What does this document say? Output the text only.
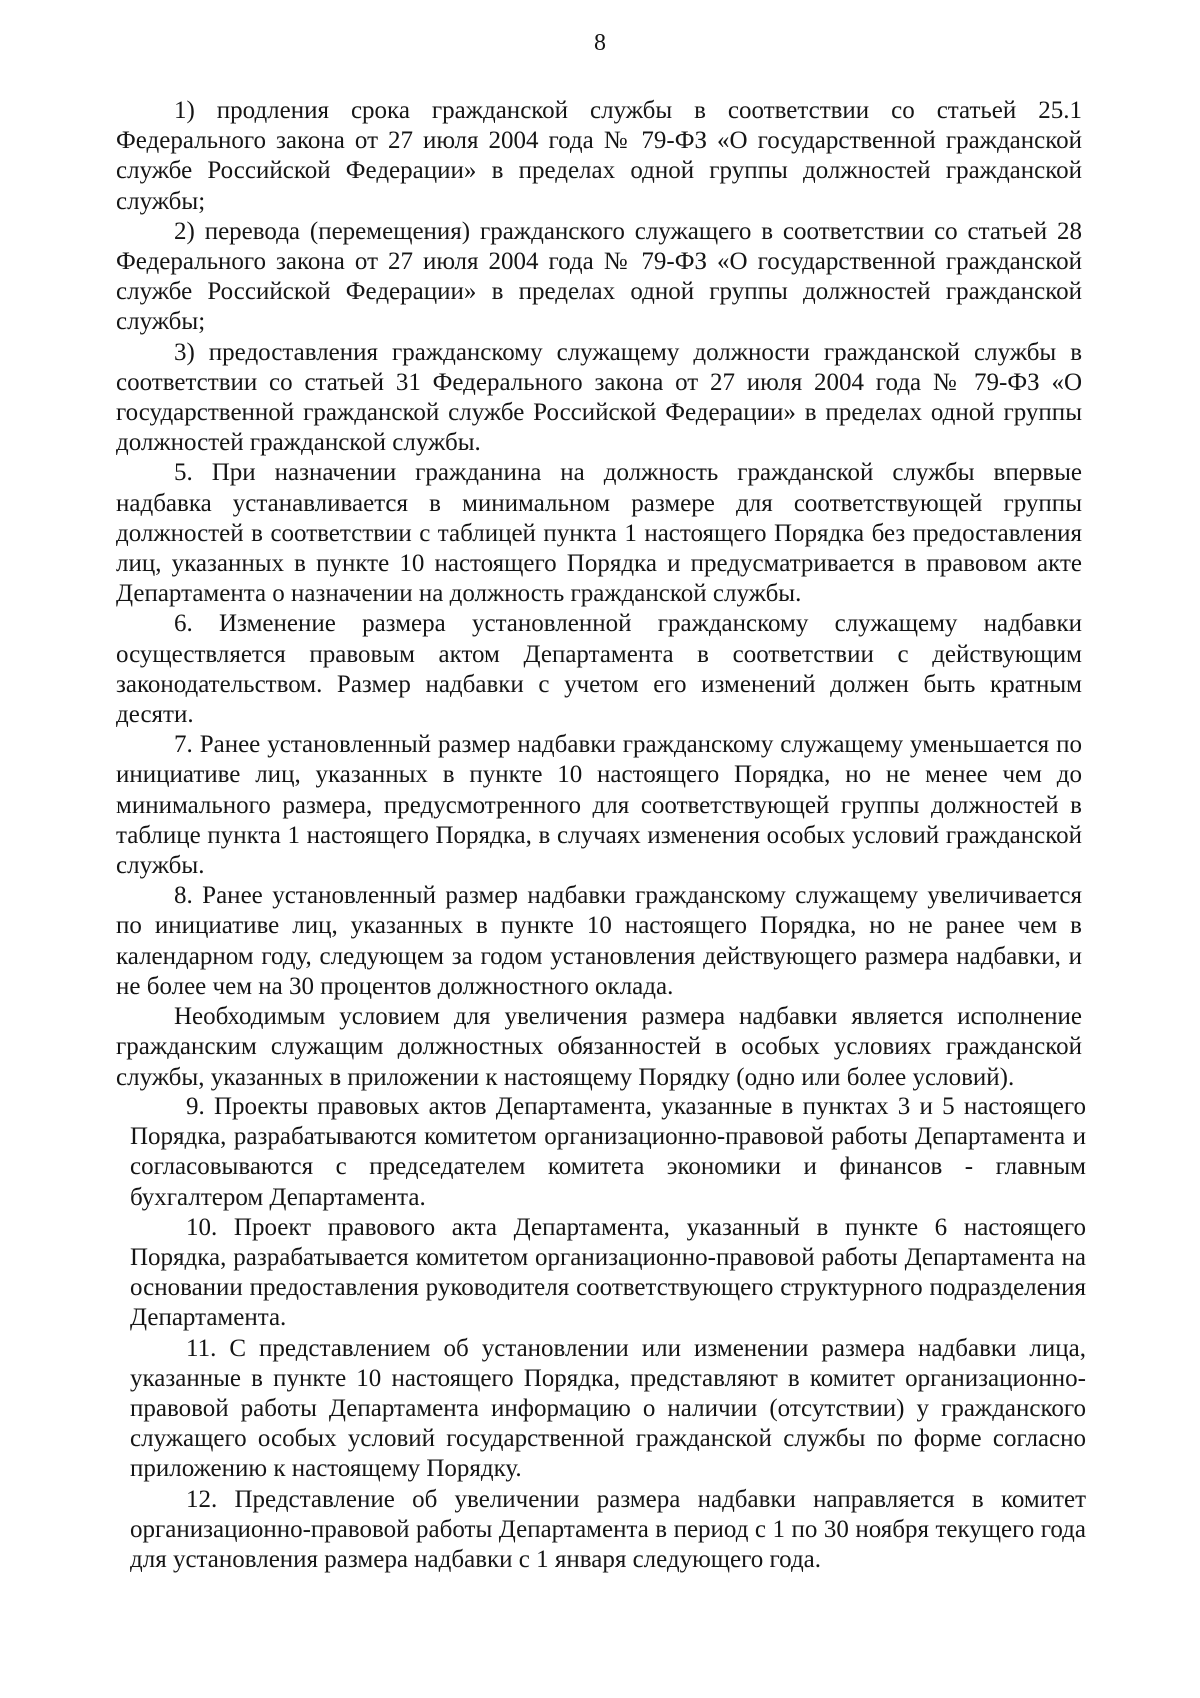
8

1) продления срока гражданской службы в соответствии со статьей 25.1 Федерального закона от 27 июля 2004 года № 79-ФЗ «О государственной гражданской службе Российской Федерации» в пределах одной группы должностей гражданской службы;

2) перевода (перемещения) гражданского служащего в соответствии со статьей 28 Федерального закона от 27 июля 2004 года № 79-ФЗ «О государственной гражданской службе Российской Федерации» в пределах одной группы должностей гражданской службы;

3) предоставления гражданскому служащему должности гражданской службы в соответствии со статьей 31 Федерального закона от 27 июля 2004 года № 79-ФЗ «О государственной гражданской службе Российской Федерации» в пределах одной группы должностей гражданской службы.

5. При назначении гражданина на должность гражданской службы впервые надбавка устанавливается в минимальном размере для соответствующей группы должностей в соответствии с таблицей пункта 1 настоящего Порядка без предоставления лиц, указанных в пункте 10 настоящего Порядка и предусматривается в правовом акте Департамента о назначении на должность гражданской службы.

6. Изменение размера установленной гражданскому служащему надбавки осуществляется правовым актом Департамента в соответствии с действующим законодательством. Размер надбавки с учетом его изменений должен быть кратным десяти.

7. Ранее установленный размер надбавки гражданскому служащему уменьшается по инициативе лиц, указанных в пункте 10 настоящего Порядка, но не менее чем до минимального размера, предусмотренного для соответствующей группы должностей в таблице пункта 1 настоящего Порядка, в случаях изменения особых условий гражданской службы.

8. Ранее установленный размер надбавки гражданскому служащему увеличивается по инициативе лиц, указанных в пункте 10 настоящего Порядка, но не ранее чем в календарном году, следующем за годом установления действующего размера надбавки, и не более чем на 30 процентов должностного оклада.

Необходимым условием для увеличения размера надбавки является исполнение гражданским служащим должностных обязанностей в особых условиях гражданской службы, указанных в приложении к настоящему Порядку (одно или более условий).

9. Проекты правовых актов Департамента, указанные в пунктах 3 и 5 настоящего Порядка, разрабатываются комитетом организационно-правовой работы Департамента и согласовываются с председателем комитета экономики и финансов - главным бухгалтером Департамента.

10. Проект правового акта Департамента, указанный в пункте 6 настоящего Порядка, разрабатывается комитетом организационно-правовой работы Департамента на основании предоставления руководителя соответствующего структурного подразделения Департамента.

11. С представлением об установлении или изменении размера надбавки лица, указанные в пункте 10 настоящего Порядка, представляют в комитет организационно-правовой работы Департамента информацию о наличии (отсутствии) у гражданского служащего особых условий государственной гражданской службы по форме согласно приложению к настоящему Порядку.

12. Представление об увеличении размера надбавки направляется в комитет организационно-правовой работы Департамента в период с 1 по 30 ноября текущего года для установления размера надбавки с 1 января следующего года.
